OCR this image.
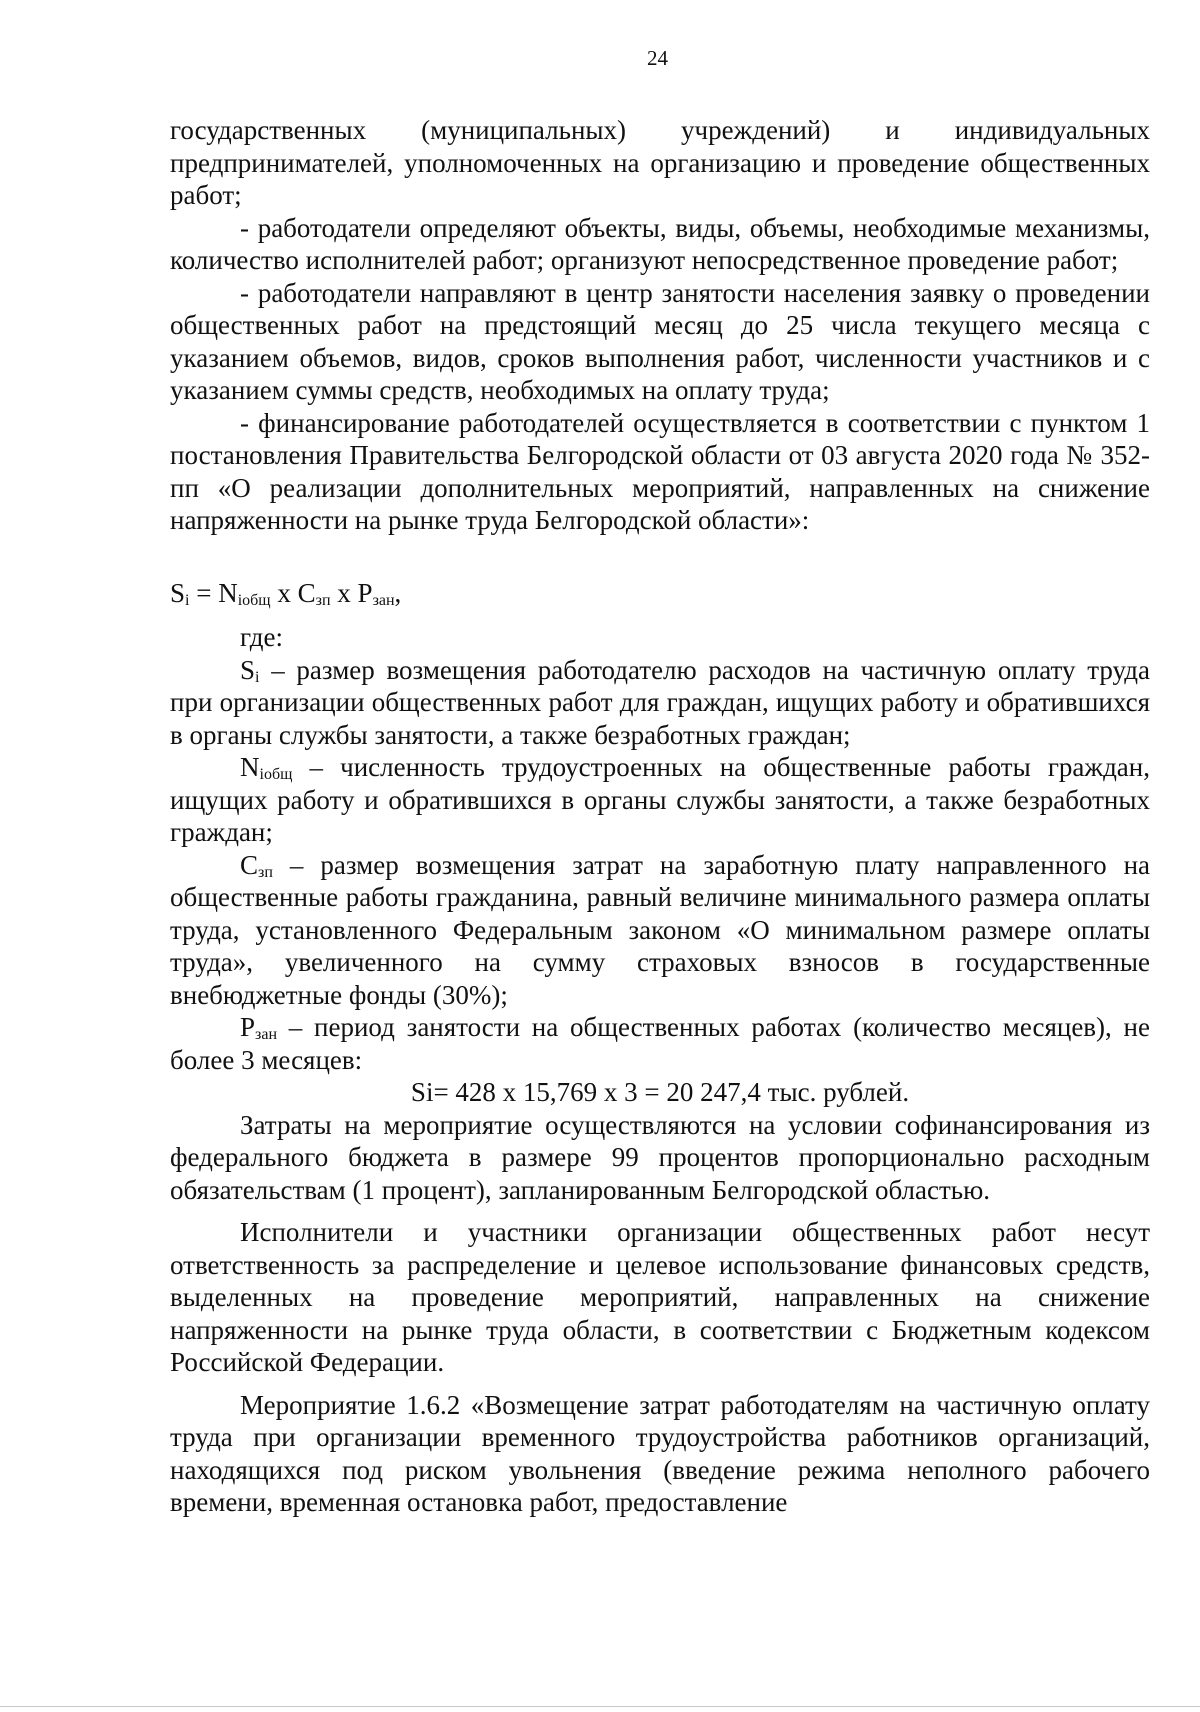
24

государственных (муниципальных) учреждений) и индивидуальных предпринимателей, уполномоченных на организацию и проведение общественных работ;

- работодатели определяют объекты, виды, объемы, необходимые механизмы, количество исполнителей работ; организуют непосредственное проведение работ;

- работодатели направляют в центр занятости населения заявку о проведении общественных работ на предстоящий месяц до 25 числа текущего месяца с указанием объемов, видов, сроков выполнения работ, численности участников и с указанием суммы средств, необходимых на оплату труда;

- финансирование работодателей осуществляется в соответствии с пунктом 1 постановления Правительства Белгородской области от 03 августа 2020 года № 352-пп «О реализации дополнительных мероприятий, направленных на снижение напряженности на рынке труда Белгородской области»:

$S_i = N_{iобщ}$ x $C_{зп}$ x $P_{зан}$,

где:

$S_i$ – размер возмещения работодателю расходов на частичную оплату труда при организации общественных работ для граждан, ищущих работу и обратившихся в органы службы занятости, а также безработных граждан;

$N_{iобщ}$ – численность трудоустроенных на общественные работы граждан, ищущих работу и обратившихся в органы службы занятости, а также безработных граждан;

$C_{зп}$ – размер возмещения затрат на заработную плату направленного на общественные работы гражданина, равный величине минимального размера оплаты труда, установленного Федеральным законом «О минимальном размере оплаты труда», увеличенного на сумму страховых взносов в государственные внебюджетные фонды (30%);

$P_{зан}$ – период занятости на общественных работах (количество месяцев), не более 3 месяцев:

Si= 428 x 15,769 x 3 = 20 247,4 тыс. рублей.

Затраты на мероприятие осуществляются на условии софинансирования из федерального бюджета в размере 99 процентов пропорционально расходным обязательствам (1 процент), запланированным Белгородской областью.

Исполнители и участники организации общественных работ несут ответственность за распределение и целевое использование финансовых средств, выделенных на проведение мероприятий, направленных на снижение напряженности на рынке труда области, в соответствии с Бюджетным кодексом Российской Федерации.

Мероприятие 1.6.2 «Возмещение затрат работодателям на частичную оплату труда при организации временного трудоустройства работников организаций, находящихся под риском увольнения (введение режима неполного рабочего времени, временная остановка работ, предоставление
